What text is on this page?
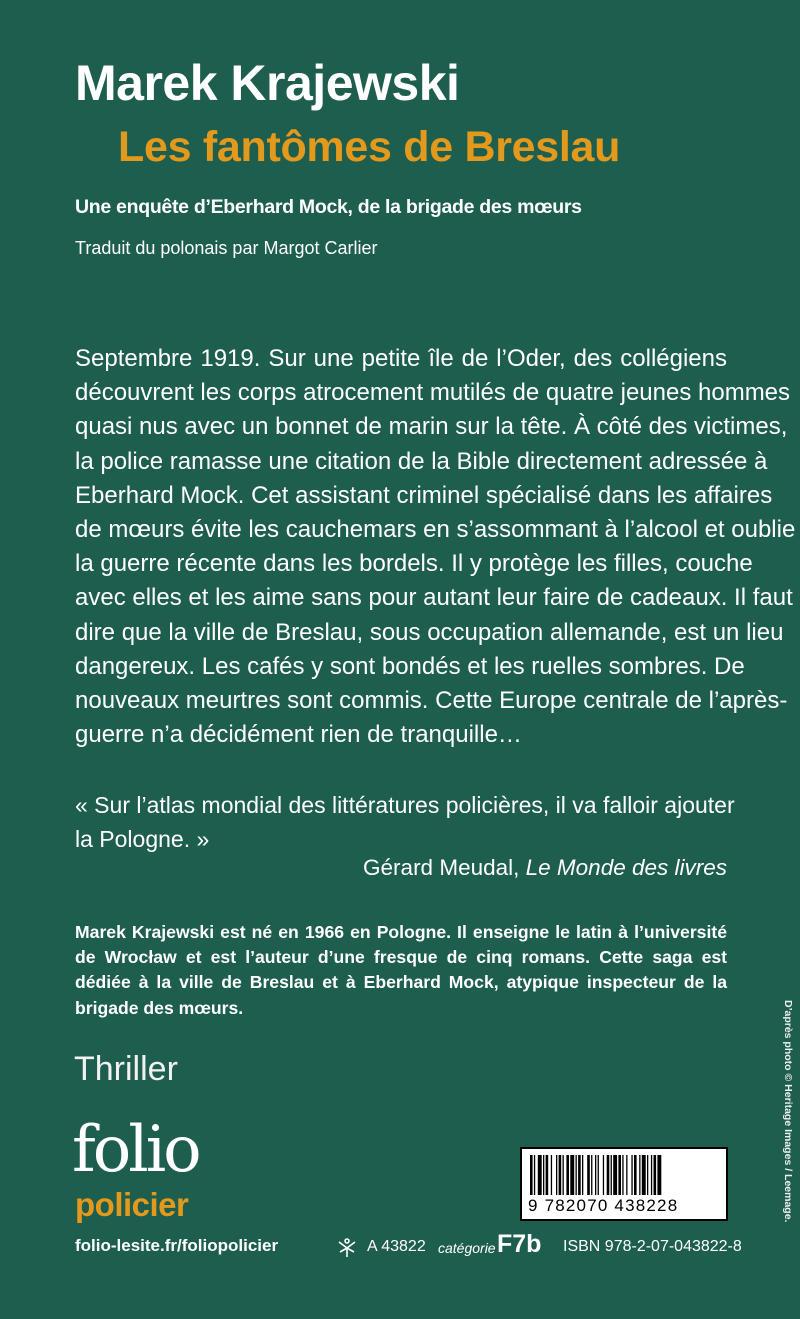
Marek Krajewski
Les fantômes de Breslau
Une enquête d’Eberhard Mock, de la brigade des mœurs
Traduit du polonais par Margot Carlier
Septembre 1919. Sur une petite île de l’Oder, des collégiens
découvrent les corps atrocement mutilés de quatre jeunes hommes
quasi nus avec un bonnet de marin sur la tête. À côté des victimes,
la police ramasse une citation de la Bible directement adressée à
Eberhard Mock. Cet assistant criminel spécialisé dans les affaires
de mœurs évite les cauchemars en s’assommant à l’alcool et oublie
la guerre récente dans les bordels. Il y protège les filles, couche
avec elles et les aime sans pour autant leur faire de cadeaux. Il faut
dire que la ville de Breslau, sous occupation allemande, est un lieu
dangereux. Les cafés y sont bondés et les ruelles sombres. De
nouveaux meurtres sont commis. Cette Europe centrale de l’après-
guerre n’a décidément rien de tranquille…
« Sur l’atlas mondial des littératures policières, il va falloir ajouter
la Pologne. »
Gérard Meudal, Le Monde des livres
Marek Krajewski est né en 1966 en Pologne. Il enseigne le latin à l’université
de Wrocław et est l’auteur d’une fresque de cinq romans. Cette saga est
dédiée à la ville de Breslau et à Eberhard Mock, atypique inspecteur de la
brigade des mœurs.
Thriller
folio
policier
folio-lesite.fr/foliopolicier
9 782070 438228
A 43822 catégorie F7b ISBN 978-2-07-043822-8
D’après photo © Heritage Images / Leemage.
